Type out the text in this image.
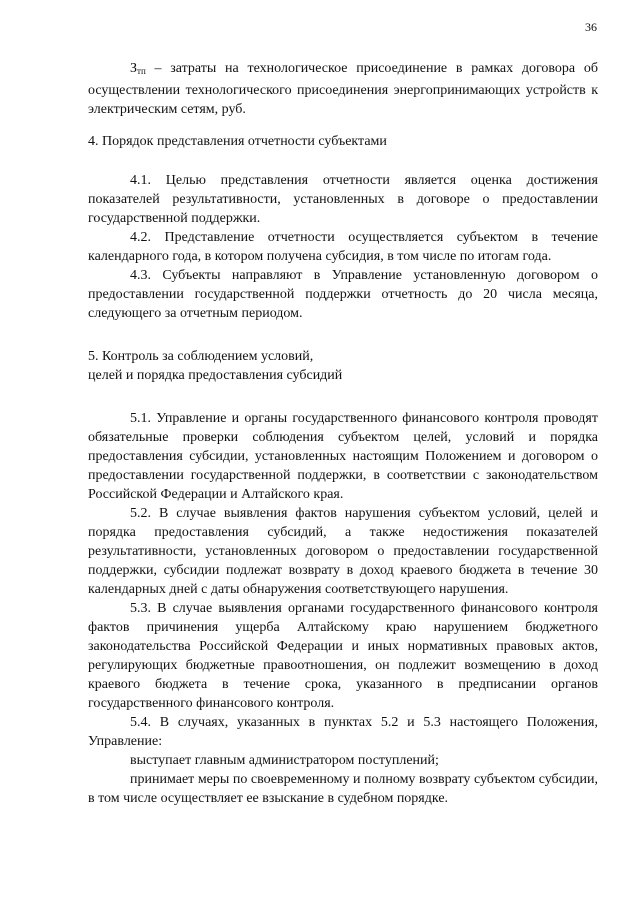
36

$З_{тп}$ – затраты на технологическое присоединение в рамках договора об осуществлении технологического присоединения энергопринимающих устройств к электрическим сетям, руб.

4. Порядок представления отчетности субъектами

4.1. Целью представления отчетности является оценка достижения показателей результативности, установленных в договоре о предоставлении государственной поддержки.

4.2. Представление отчетности осуществляется субъектом в течение календарного года, в котором получена субсидия, в том числе по итогам года.

4.3. Субъекты направляют в Управление установленную договором о предоставлении государственной поддержки отчетность до 20 числа месяца, следующего за отчетным периодом.

5. Контроль за соблюдением условий,

целей и порядка предоставления субсидий

5.1. Управление и органы государственного финансового контроля проводят обязательные проверки соблюдения субъектом целей, условий и порядка предоставления субсидии, установленных настоящим Положением и договором о предоставлении государственной поддержки, в соответствии с законодательством Российской Федерации и Алтайского края.

5.2. В случае выявления фактов нарушения субъектом условий, целей и порядка предоставления субсидий, а также недостижения показателей результативности, установленных договором о предоставлении государственной поддержки, субсидии подлежат возврату в доход краевого бюджета в течение 30 календарных дней с даты обнаружения соответствующего нарушения.

5.3. В случае выявления органами государственного финансового контроля фактов причинения ущерба Алтайскому краю нарушением бюджетного законодательства Российской Федерации и иных нормативных правовых актов, регулирующих бюджетные правоотношения, он подлежит возмещению в доход краевого бюджета в течение срока, указанного в предписании органов государственного финансового контроля.

5.4. В случаях, указанных в пунктах 5.2 и 5.3 настоящего Положения, Управление:

выступает главным администратором поступлений;

принимает меры по своевременному и полному возврату субъектом субсидии, в том числе осуществляет ее взыскание в судебном порядке.
